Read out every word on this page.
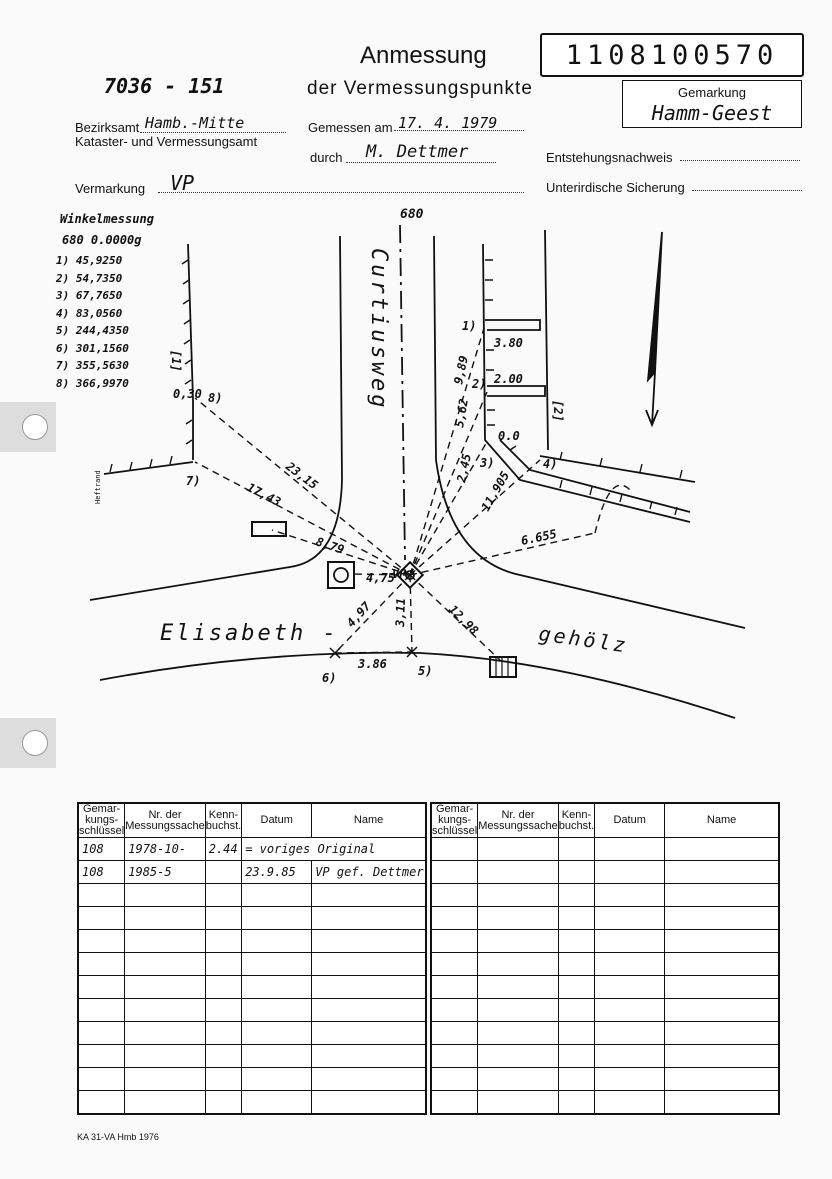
Anmessung
der Vermessungspunkte
7036 - 151
1108100570
Gemarkung
Hamm-Geest
Bezirksamt Hamb.-Mitte
Kataster- und Vermessungsamt
Gemessen am 17. 4. 1979
durch M. Dettmer	Entstehungsnachweis
Vermarkung VP	Unterirdische Sicherung
Winkelmessung
680 0.0000g
1) 45,9250
2) 54,7350
3) 67,7650
4) 83,0560
5) 244,4350
6) 301,1560
7) 355,5630
8) 366,9970
680
VP
Elisabeth -	gehölz
Curtiusweg
Heftrand	23,15
17,43
8,79
4,75
4,97 3,11	12,98
3.86
6.655
11,905
2,45
5,62
9,89
3.80
2.00
0.0
0,30
1)
2)
3)	4)
5)
6)
7)
8)
[1]
[2]
Gemar-kungs-schlüssel	Nr. der Messungssache	Kenn-buchst.	Datum	Name
108	1978-10-	2.44	= voriges Original	
108	1985-5		23.9.85	VP gef. Dettmer

Gemar-kungs-schlüssel	Nr. der Messungssache	Kenn-buchst.	Datum	Name

KA 31-VA Hmb 1976
